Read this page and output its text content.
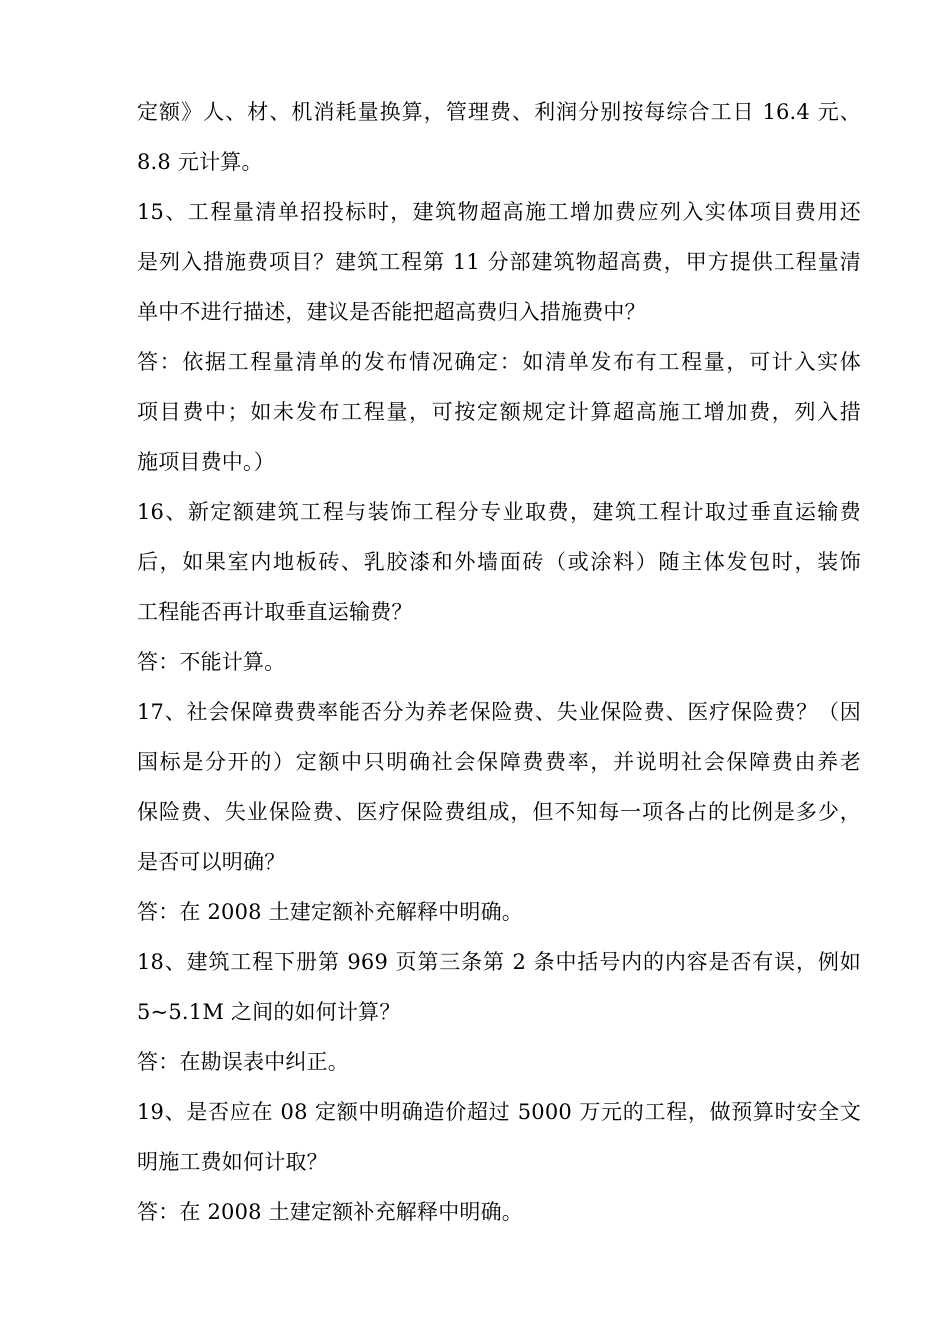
定额》人、材、机消耗量换算，管理费、利润分别按每综合工日 16.4 元、
8.8 元计算。
15、工程量清单招投标时，建筑物超高施工增加费应列入实体项目费用还
是列入措施费项目？建筑工程第 11 分部建筑物超高费，甲方提供工程量清
单中不进行描述，建议是否能把超高费归入措施费中？
答：依据工程量清单的发布情况确定：如清单发布有工程量，可计入实体
项目费中；如未发布工程量，可按定额规定计算超高施工增加费，列入措
施项目费中。）
16、新定额建筑工程与装饰工程分专业取费，建筑工程计取过垂直运输费
后，如果室内地板砖、乳胶漆和外墙面砖（或涂料）随主体发包时，装饰
工程能否再计取垂直运输费？
答：不能计算。
17、社会保障费费率能否分为养老保险费、失业保险费、医疗保险费？（因
国标是分开的）定额中只明确社会保障费费率，并说明社会保障费由养老
保险费、失业保险费、医疗保险费组成，但不知每一项各占的比例是多少，
是否可以明确？
答：在 2008 土建定额补充解释中明确。
18、建筑工程下册第 969 页第三条第 2 条中括号内的内容是否有误，例如
5~5.1M 之间的如何计算？
答：在勘误表中纠正。
19、是否应在 08 定额中明确造价超过 5000 万元的工程，做预算时安全文
明施工费如何计取？
答：在 2008 土建定额补充解释中明确。
